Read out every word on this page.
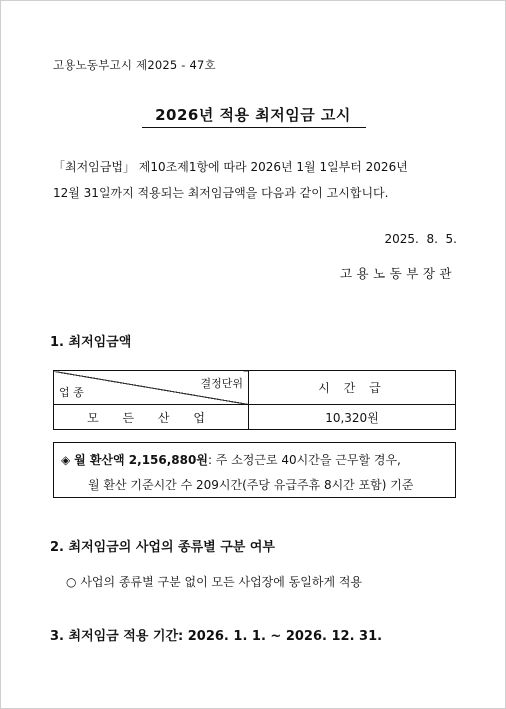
고용노동부고시 제2025 - 47호
2026년 적용 최저임금 고시
「최저임금법」 제10조제1항에 따라 2026년 1월 1일부터 2026년
12월 31일까지 적용되는 최저임금액을 다음과 같이 고시합니다.
2025.  8.  5.
고용노동부장관
1. 최저임금액
결정단위
업 종	시 간 급
모 든 산 업	10,320원
◈ 월 환산액 2,156,880원: 주 소정근로 40시간을 근무할 경우,
월 환산 기준시간 수 209시간(주당 유급주휴 8시간 포함) 기준
2. 최저임금의 사업의 종류별 구분 여부
○ 사업의 종류별 구분 없이 모든 사업장에 동일하게 적용
3. 최저임금 적용 기간: 2026. 1. 1. ~ 2026. 12. 31.
